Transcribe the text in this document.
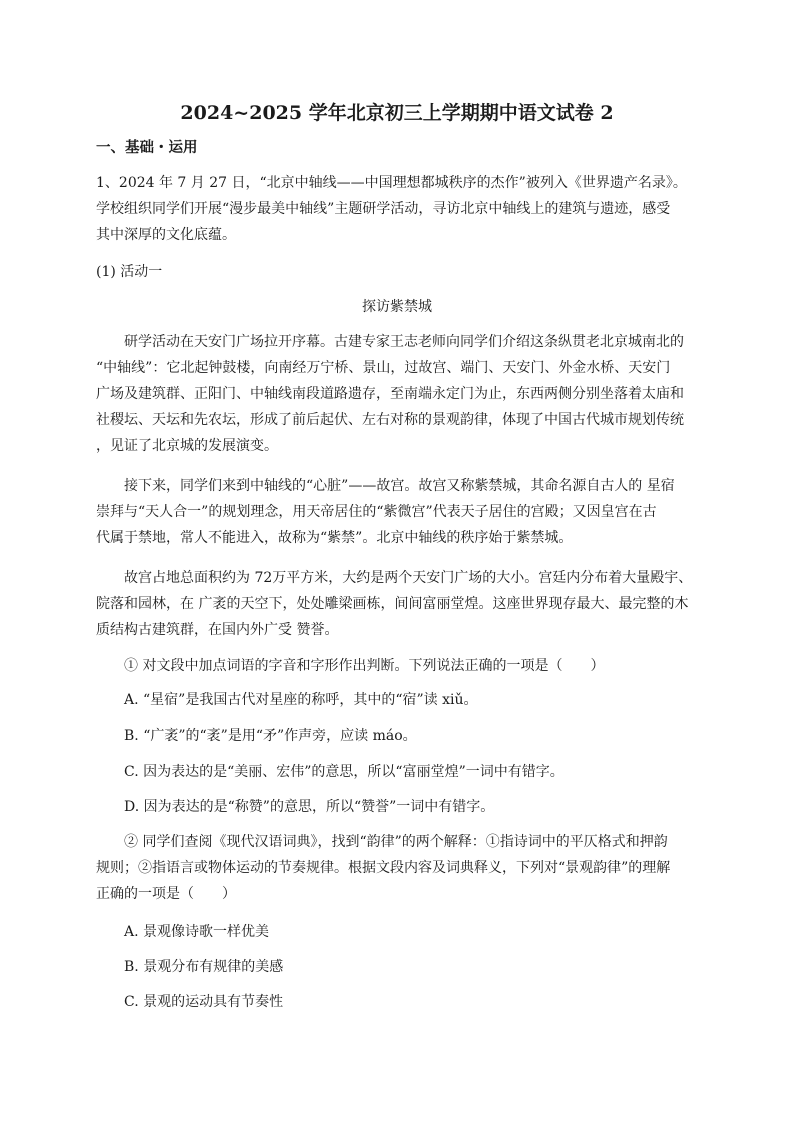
2024~2025 学年北京初三上学期期中语文试卷 2
一、基础・运用
1、2024 年 7 月 27 日，“北京中轴线——中国理想都城秩序的杰作”被列入《世界遗产名录》。
学校组织同学们开展“漫步最美中轴线”主题研学活动，寻访北京中轴线上的建筑与遗迹，感受
其中深厚的文化底蕴。
(1) 活动一
探访紫禁城
研学活动在天安门广场拉开序幕。古建专家王志老师向同学们介绍这条纵贯老北京城南北的
“中轴线”：它北起钟鼓楼，向南经万宁桥、景山，过故宫、端门、天安门、外金水桥、天安门
广场及建筑群、正阳门、中轴线南段道路遗存，至南端永定门为止，东西两侧分别坐落着太庙和
社稷坛、天坛和先农坛，形成了前后起伏、左右对称的景观韵律，体现了中国古代城市规划传统
，见证了北京城的发展演变。
接下来，同学们来到中轴线的“心脏”——故宫。故宫又称紫禁城，其命名源自古人的 星宿
崇拜与“天人合一”的规划理念，用天帝居住的“紫微宫”代表天子居住的宫殿；又因皇宫在古
代属于禁地，常人不能进入，故称为“紫禁”。北京中轴线的秩序始于紫禁城。
故宫占地总面积约为 72万平方米，大约是两个天安门广场的大小。宫廷内分布着大量殿宇、
院落和园林，在 广袤的天空下，处处雕梁画栋，间间富丽堂煌。这座世界现存最大、最完整的木
质结构古建筑群，在国内外广受 赞誉。
① 对文段中加点词语的字音和字形作出判断。下列说法正确的一项是（　　）
A. “星宿”是我国古代对星座的称呼，其中的“宿”读 xiǔ。
B. “广袤”的“袤”是用“矛”作声旁，应读 máo。
C. 因为表达的是“美丽、宏伟”的意思，所以“富丽堂煌”一词中有错字。
D. 因为表达的是“称赞”的意思，所以“赞誉”一词中有错字。
② 同学们查阅《现代汉语词典》，找到“韵律”的两个解释：①指诗词中的平仄格式和押韵
规则；②指语言或物体运动的节奏规律。根据文段内容及词典释义，下列对“景观韵律”的理解
正确的一项是（　　）
A. 景观像诗歌一样优美
B. 景观分布有规律的美感
C. 景观的运动具有节奏性
